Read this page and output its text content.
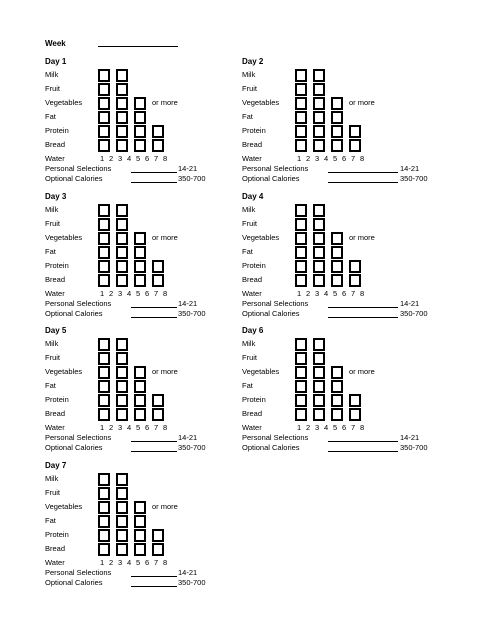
Week
Day 1
Milk
Fruit
Vegetables	or more
Fat
Protein
Bread
Water	1 2 3 4 5 6 7 8
Personal Selections	14-21
Optional Calories	350-700
Day 2
Milk
Fruit
Vegetables	or more
Fat
Protein
Bread
Water	1 2 3 4 5 6 7 8
Personal Selections	14-21
Optional Calories	350-700
Day 3
Milk
Fruit
Vegetables	or more
Fat
Protein
Bread
Water	1 2 3 4 5 6 7 8
Personal Selections	14-21
Optional Calories	350-700
Day 4
Milk
Fruit
Vegetables	or more
Fat
Protein
Bread
Water	1 2 3 4 5 6 7 8
Personal Selections	14-21
Optional Calories	350-700
Day 5
Milk
Fruit
Vegetables	or more
Fat
Protein
Bread
Water	1 2 3 4 5 6 7 8
Personal Selections	14-21
Optional Calories	350-700
Day 6
Milk
Fruit
Vegetables	or more
Fat
Protein
Bread
Water	1 2 3 4 5 6 7 8
Personal Selections	14-21
Optional Calories	350-700
Day 7
Milk
Fruit
Vegetables	or more
Fat
Protein
Bread
Water	1 2 3 4 5 6 7 8
Personal Selections	14-21
Optional Calories	350-700
